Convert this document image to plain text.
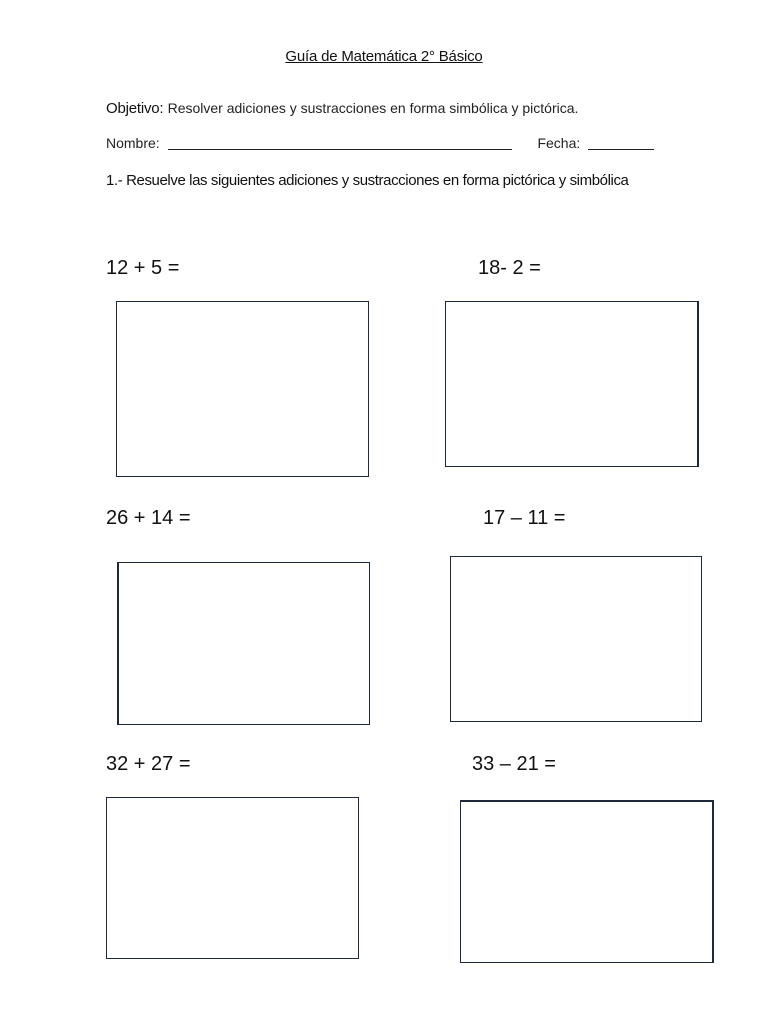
Guía de Matemática 2° Básico
Objetivo: Resolver adiciones y sustracciones en forma simbólica y pictórica.
Nombre:	Fecha:
1.- Resuelve las siguientes adiciones y sustracciones en forma pictórica y simbólica
12 + 5 =	18- 2 =
26 + 14 =	17 – 11 =
32 + 27 =	33 – 21 =
